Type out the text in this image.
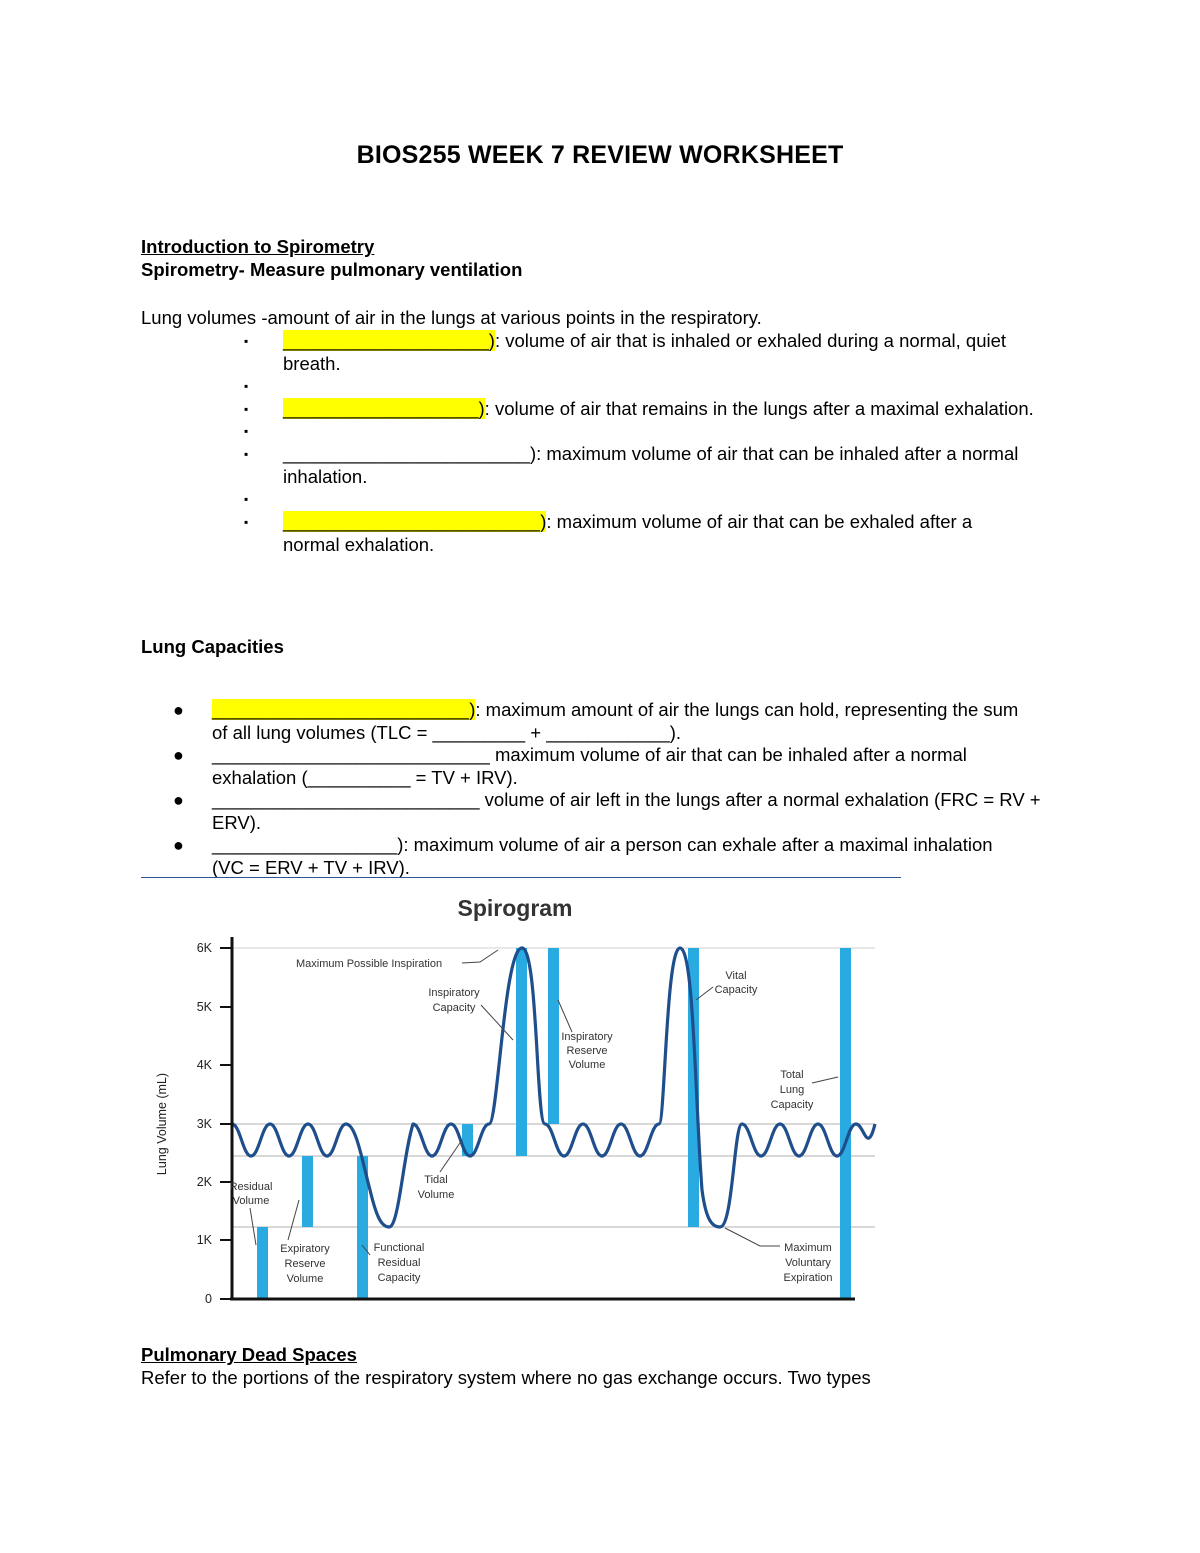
BIOS255 WEEK 7 REVIEW WORKSHEET
Introduction to Spirometry
Spirometry- Measure pulmonary ventilation
Lung volumes -amount of air in the lungs at various points in the respiratory.
▪
▪
▪
▪
▪
▪
▪
____________________): volume of air that is inhaled or exhaled during a normal, quiet
breath.
___________________): volume of air that remains in the lungs after a maximal exhalation.
________________________): maximum volume of air that can be inhaled after a normal
inhalation.
_________________________): maximum volume of air that can be exhaled after a
normal exhalation.
Lung Capacities
●
●
●
●
_________________________): maximum amount of air the lungs can hold, representing the sum
of all lung volumes (TLC = _________ + ____________).
___________________________ maximum volume of air that can be inhaled after a normal
exhalation (__________ = TV + IRV).
__________________________ volume of air left in the lungs after a normal exhalation (FRC = RV +
ERV).
__________________): maximum volume of air a person can exhale after a maximal inhalation
(VC = ERV + TV + IRV).
Spirogram
Lung Volume (mL)
0
1K
2K
3K
4K
5K
6K
Maximum Possible Inspiration
Inspiratory
Capacity
Inspiratory
Reserve
Volume
Vital
Capacity
Total
Lung
Capacity
Residual
Volume
Expiratory
Reserve
Volume
Functional
Residual
Capacity
Tidal
Volume
Maximum
Voluntary
Expiration
Pulmonary Dead Spaces
Refer to the portions of the respiratory system where no gas exchange occurs. Two types
